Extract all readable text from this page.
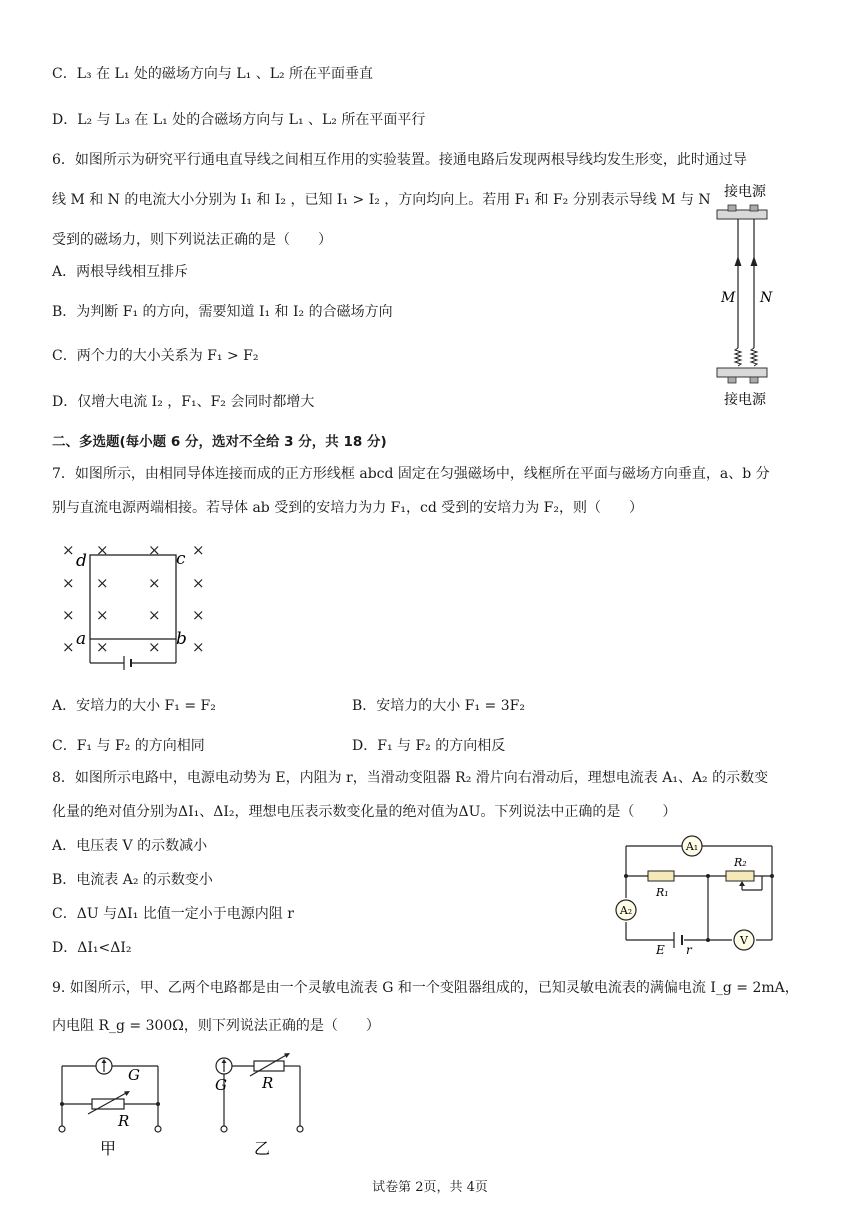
C．L₃ 在 L₁ 处的磁场方向与 L₁ 、L₂ 所在平面垂直
D．L₂ 与 L₃ 在 L₁ 处的合磁场方向与 L₁ 、L₂ 所在平面平行
6．如图所示为研究平行通电直导线之间相互作用的实验装置。接通电路后发现两根导线均发生形变，此时通过导
线 M 和 N 的电流大小分别为 I₁ 和 I₂ ，已知 I₁ > I₂ ，方向均向上。若用 F₁ 和 F₂ 分别表示导线 M 与 N
受到的磁场力，则下列说法正确的是（　　）
A．两根导线相互排斥
B．为判断 F₁ 的方向，需要知道 I₁ 和 I₂ 的合磁场方向
C．两个力的大小关系为 F₁ > F₂
D．仅增大电流 I₂ ，F₁、F₂ 会同时都增大
接电源
M N
接电源
二、多选题(每小题 6 分，选对不全给 3 分，共 18 分)
7．如图所示，由相同导体连接而成的正方形线框 abcd 固定在匀强磁场中，线框所在平面与磁场方向垂直，a、b 分
别与直流电源两端相接。若导体 ab 受到的安培力为力 F₁，cd 受到的安培力为 F₂，则（　　）
× ×	× ×
× ×	× ×
× ×	× ×
× ×	× ×
d	c
a	b
A．安培力的大小 F₁ = F₂	B．安培力的大小 F₁ = 3F₂
C．F₁ 与 F₂ 的方向相同	D．F₁ 与 F₂ 的方向相反
8．如图所示电路中，电源电动势为 E，内阻为 r，当滑动变阻器 R₂ 滑片向右滑动后，理想电流表 A₁、A₂ 的示数变
化量的绝对值分别为ΔI₁、ΔI₂，理想电压表示数变化量的绝对值为ΔU。下列说法中正确的是（　　）
A．电压表 V 的示数减小
B．电流表 A₂ 的示数变小
C．ΔU 与ΔI₁ 比值一定小于电源内阻 r
D．ΔI₁<ΔI₂
A₁
R₁
R₂
A₂
E r
V
9. 如图所示，甲、乙两个电路都是由一个灵敏电流表 G 和一个变阻器组成的，已知灵敏电流表的满偏电流 I_g = 2mA，
内电阻 R_g = 300Ω，则下列说法正确的是（　　）
G
R
甲
G R
乙
试卷第 2页，共 4页
